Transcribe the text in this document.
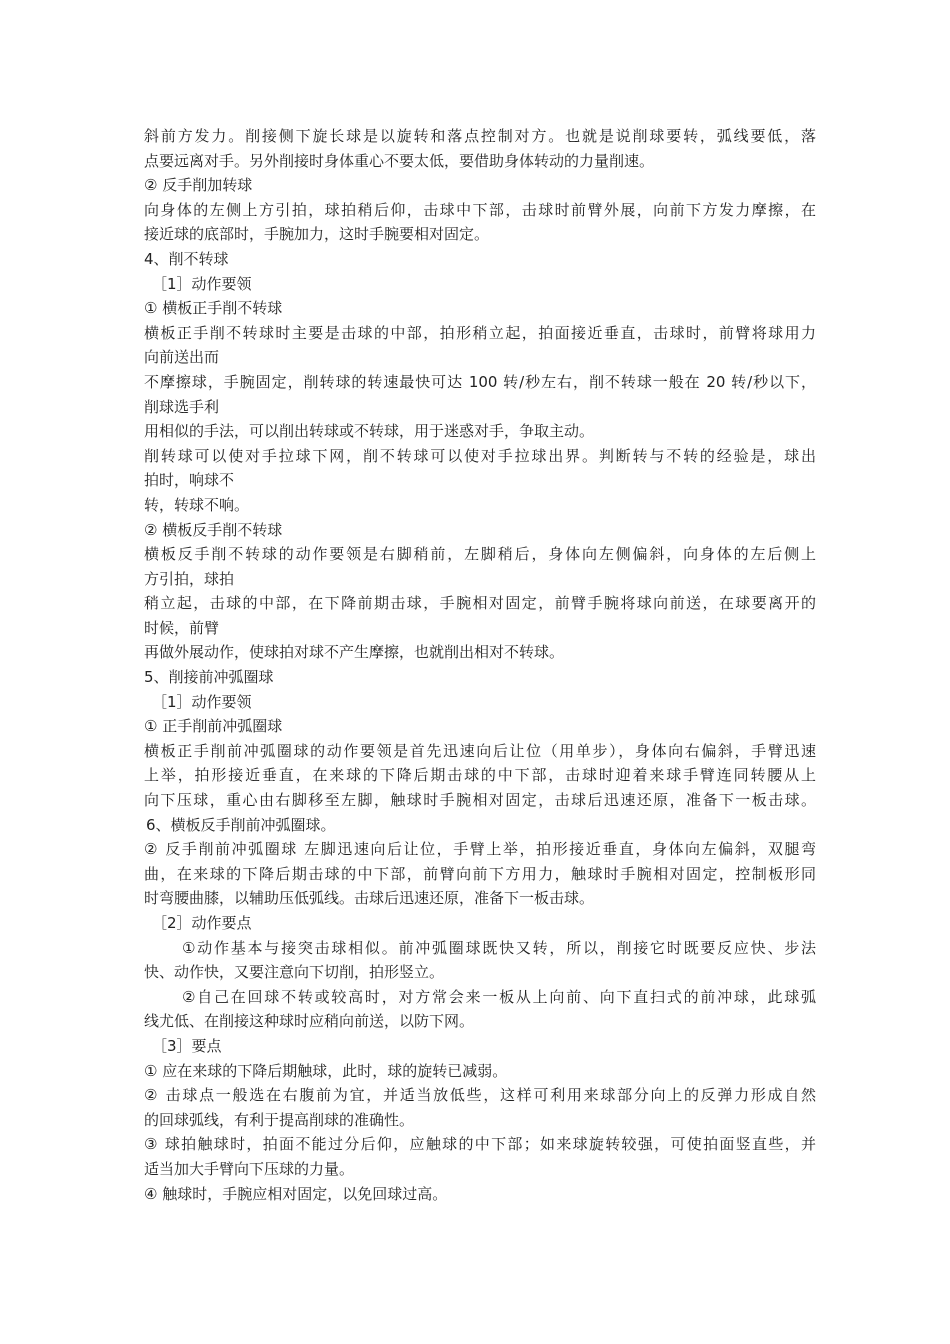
斜前方发力。削接侧下旋长球是以旋转和落点控制对方。也就是说削球要转，弧线要低，落
点要远离对手。另外削接时身体重心不要太低，要借助身体转动的力量削速。
② 反手削加转球
向身体的左侧上方引拍，球拍稍后仰，击球中下部，击球时前臂外展，向前下方发力摩擦，在
接近球的底部时，手腕加力，这时手腕要相对固定。
4、削不转球
［1］动作要领
① 横板正手削不转球
横板正手削不转球时主要是击球的中部，拍形稍立起，拍面接近垂直，击球时，前臂将球用力
向前送出而
不摩擦球，手腕固定，削转球的转速最快可达 100 转/秒左右，削不转球一般在 20 转/秒以下，
削球选手利
用相似的手法，可以削出转球或不转球，用于迷惑对手，争取主动。
削转球可以使对手拉球下网，削不转球可以使对手拉球出界。判断转与不转的经验是，球出
拍时，响球不
转，转球不响。
② 横板反手削不转球
横板反手削不转球的动作要领是右脚稍前，左脚稍后，身体向左侧偏斜，向身体的左后侧上
方引拍，球拍
稍立起，击球的中部，在下降前期击球，手腕相对固定，前臂手腕将球向前送，在球要离开的
时候，前臂
再做外展动作，使球拍对球不产生摩擦，也就削出相对不转球。
5、削接前冲弧圈球
［1］动作要领
① 正手削前冲弧圈球
横板正手削前冲弧圈球的动作要领是首先迅速向后让位（用单步），身体向右偏斜，手臂迅速
上举，拍形接近垂直，在来球的下降后期击球的中下部，击球时迎着来球手臂连同转腰从上
向下压球，重心由右脚移至左脚，触球时手腕相对固定，击球后迅速还原，准备下一板击球。
6、横板反手削前冲弧圈球。
② 反手削前冲弧圈球 左脚迅速向后让位，手臂上举，拍形接近垂直，身体向左偏斜，双腿弯
曲，在来球的下降后期击球的中下部，前臂向前下方用力，触球时手腕相对固定，控制板形同
时弯腰曲膝，以辅助压低弧线。击球后迅速还原，准备下一板击球。
［2］动作要点
①动作基本与接突击球相似。前冲弧圈球既快又转，所以，削接它时既要反应快、步法
快、动作快，又要注意向下切削，拍形竖立。
②自己在回球不转或较高时，对方常会来一板从上向前、向下直扫式的前冲球，此球弧
线尤低、在削接这种球时应稍向前送，以防下网。
［3］要点
① 应在来球的下降后期触球，此时，球的旋转已减弱。
② 击球点一般选在右腹前为宜，并适当放低些，这样可利用来球部分向上的反弹力形成自然
的回球弧线，有利于提高削球的准确性。
③ 球拍触球时，拍面不能过分后仰，应触球的中下部；如来球旋转较强，可使拍面竖直些，并
适当加大手臂向下压球的力量。
④ 触球时，手腕应相对固定，以免回球过高。
